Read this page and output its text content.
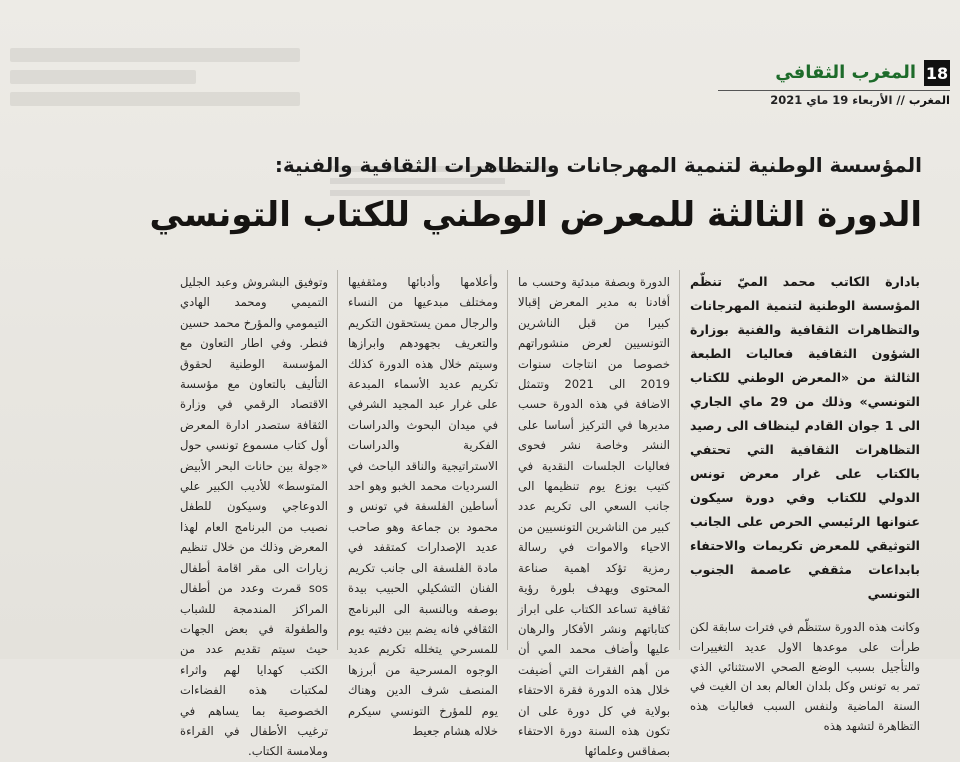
18
المغرب الثقافي
المغرب // الأربعاء 19 ماي 2021
المؤسسة الوطنية لتنمية المهرجانات والتظاهرات الثقافية والفنية:
الدورة الثالثة للمعرض الوطني للكتاب التونسي

بادارة الكاتب محمد الميّ تنظّم المؤسسة الوطنية لتنمية المهرجانات والتظاهرات الثقافية والفنية بوزارة الشؤون الثقافية فعاليات الطبعة الثالثة من «المعرض الوطني للكتاب التونسي» وذلك من 29 ماي الجاري الى 1 جوان القادم لينظاف الى رصيد التظاهرات الثقافية التي تحتفي بالكتاب على غرار معرض تونس الدولي للكتاب وفي دورة سيكون عنوانها الرئيسي الحرص على الجانب التوثيقي للمعرض تكريمات والاحتفاء بابداعات مثقفي عاصمة الجنوب التونسي

وكانت هذه الدورة ستنظّم في فترات سابقة لكن طرأت على موعدها الاول عديد التغييرات والتأجيل بسبب الوضع الصحي الاستثنائي الذي تمر به تونس وكل بلدان العالم بعد ان الغيت في السنة الماضية ولنفس السبب فعاليات هذه التظاهرة لتشهد هذه

الدورة وبصفة مبدئية وحسب ما أفادنا به مدير المعرض إقبالا كبيرا من قبل الناشرين التونسيين لعرض منشوراتهم خصوصا من انتاجات سنوات 2019 الى 2021 وتتمثل الاضافة في هذه الدورة حسب مديرها في التركيز أساسا على النشر وخاصة نشر فحوى فعاليات الجلسات النقدية في كتيب يوزع يوم تنظيمها الى جانب السعي الى تكريم عدد كبير من الناشرين التونسيين من الاحياء والاموات في رسالة رمزية تؤكد اهمية صناعة المحتوى ويهدف بلورة رؤية ثقافية تساعد الكتاب على ابراز كتاباتهم ونشر الأفكار والرهان عليها وأضاف محمد المي أن من أهم الفقرات التي أضيفت خلال هذه الدورة فقرة الاحتفاء بولاية في كل دورة على ان تكون هذه السنة دورة الاحتفاء بصفاقس وعلمائها

وأعلامها وأدبائها ومثقفيها ومختلف مبدعيها من النساء والرجال ممن يستحقون التكريم والتعريف بجهودهم وابرازها وسيتم خلال هذه الدورة كذلك تكريم عديد الأسماء المبدعة على غرار عبد المجيد الشرفي في ميدان البحوث والدراسات الفكرية والدراسات الاستراتيجية والناقد الباحث في السرديات محمد الخبو وهو احد أساطين الفلسفة في تونس و محمود بن جماعة وهو صاحب عديد الإصدارات كمتقفد في مادة الفلسفة الى جانب تكريم الفنان التشكيلي الحبيب بيدة بوصفه وبالنسبة الى البرنامج الثقافي فانه يضم بين دفتيه يوم للمسرحي يتخلله تكريم عديد الوجوه المسرحية من أبرزها المنصف شرف الدين وهناك يوم للمؤرخ التونسي سيكرم خلاله هشام جعيط

وتوفيق البشروش وعبد الجليل التميمي ومحمد الهادي التيمومي والمؤرخ محمد حسين فنطر. وفي اطار التعاون مع المؤسسة الوطنية لحقوق التأليف بالتعاون مع مؤسسة الاقتصاد الرقمي في وزارة الثقافة ستصدر ادارة المعرض أول كتاب مسموع تونسي حول «جولة بين حانات البحر الأبيض المتوسط» للأديب الكبير علي الدوعاجي وسيكون للطفل نصيب من البرنامج العام لهذا المعرض وذلك من خلال تنظيم زيارات الى مقر اقامة أطفال sos قمرت وعدد من أطفال المراكز المندمجة للشباب والطفولة في بعض الجهات حيث سيتم تقديم عدد من الكتب كهدايا لهم واثراء لمكتبات هذه الفضاءات الخصوصية بما يساهم في ترغيب الأطفال في القراءة وملامسة الكتاب.
